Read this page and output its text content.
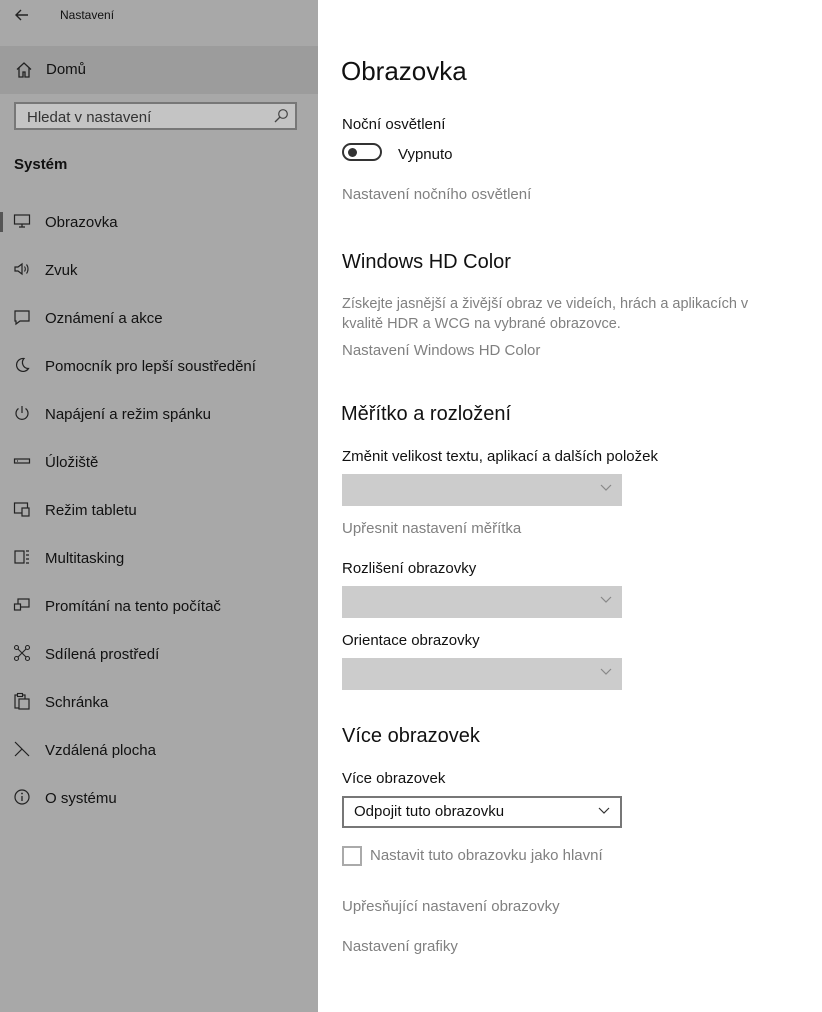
Nastavení
Domů
Hledat v nastavení
Systém
Obrazovka
Zvuk
Oznámení a akce
Pomocník pro lepší soustředění
Napájení a režim spánku
Úložiště
Režim tabletu
Multitasking
Promítání na tento počítač
Sdílená prostředí
Schránka
Vzdálená plocha
O systému
Obrazovka
Noční osvětlení
Vypnuto
Nastavení nočního osvětlení
Windows HD Color
Získejte jasnější a živější obraz ve videích, hrách a aplikacích v kvalitě HDR a WCG na vybrané obrazovce.
Nastavení Windows HD Color
Měřítko a rozložení
Změnit velikost textu, aplikací a dalších položek
Upřesnit nastavení měřítka
Rozlišení obrazovky
Orientace obrazovky
Více obrazovek
Více obrazovek
Odpojit tuto obrazovku
Nastavit tuto obrazovku jako hlavní
Upřesňující nastavení obrazovky
Nastavení grafiky
